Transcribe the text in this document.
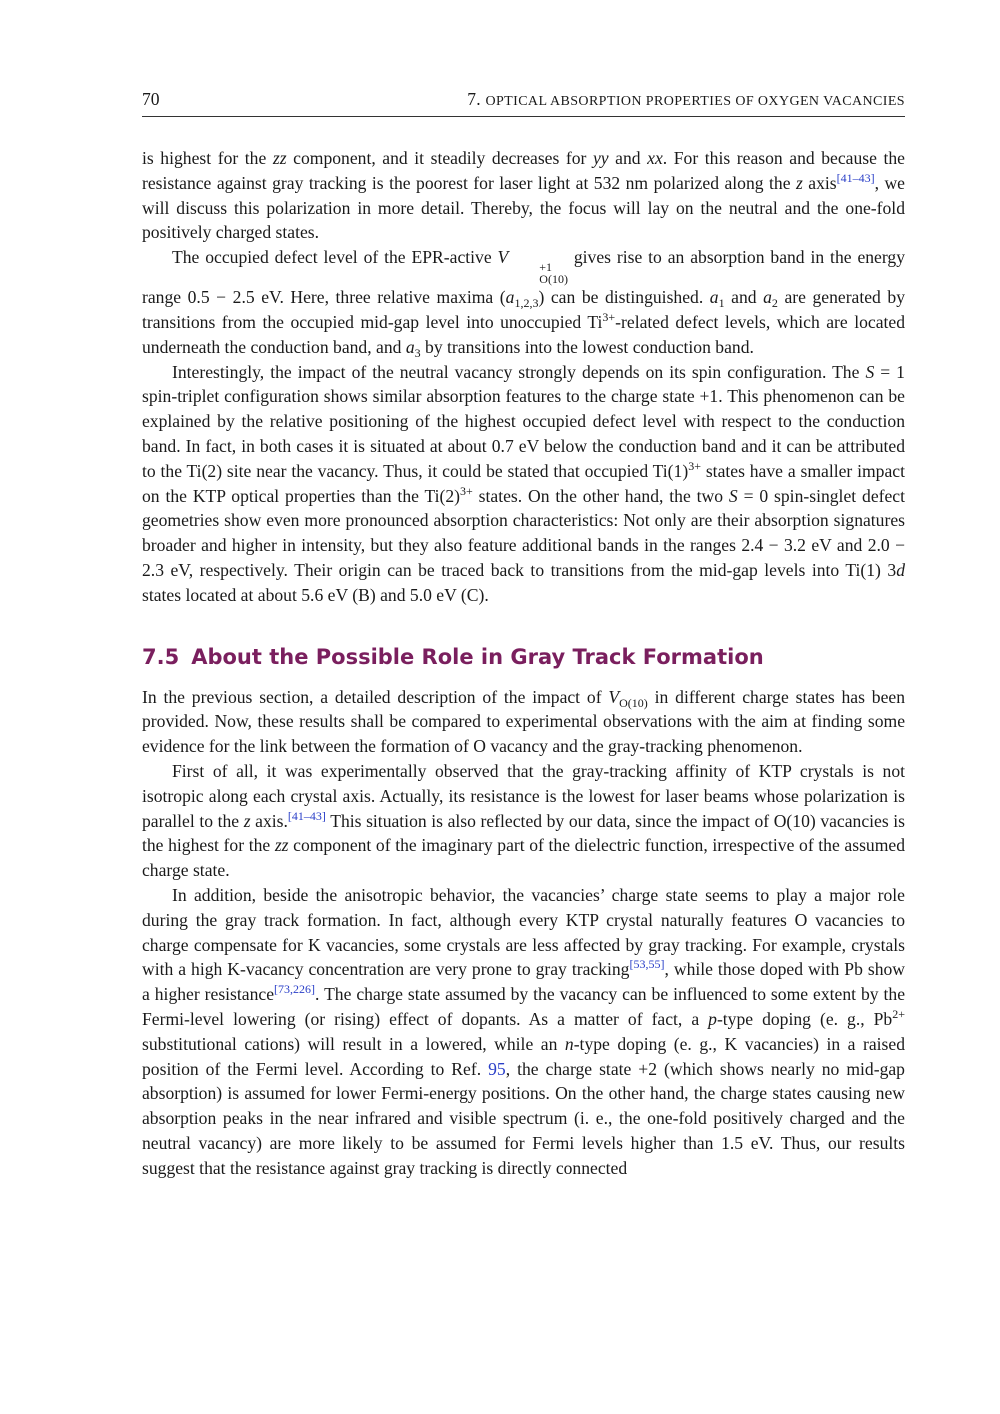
70	7. OPTICAL ABSORPTION PROPERTIES OF OXYGEN VACANCIES

is highest for the zz component, and it steadily decreases for yy and xx. For this reason and because the resistance against gray tracking is the poorest for laser light at 532 nm polarized along the z axis[41–43], we will discuss this polarization in more detail. Thereby, the focus will lay on the neutral and the one-fold positively charged states.

The occupied defect level of the EPR-active V	+1
O(10)
gives rise to an absorption band in the energy range 0.5 − 2.5 eV. Here, three relative maxima $(a_{1,2,3})$ can be distinguished. $a_1$ and $a_2$ are generated by transitions from the occupied mid-gap level into unoccupied $Ti^{3+}$-related defect levels, which are located underneath the conduction band, and $a_3$ by transitions into the lowest conduction band.

Interestingly, the impact of the neutral vacancy strongly depends on its spin configuration. The S = 1 spin-triplet configuration shows similar absorption features to the charge state +1. This phenomenon can be explained by the relative positioning of the highest occupied defect level with respect to the conduction band. In fact, in both cases it is situated at about 0.7 eV below the conduction band and it can be attributed to the Ti(2) site near the vacancy. Thus, it could be stated that occupied $Ti(1)^{3+}$ states have a smaller impact on the KTP optical properties than the $Ti(2)^{3+}$ states. On the other hand, the two S = 0 spin-singlet defect geometries show even more pronounced absorption characteristics: Not only are their absorption signatures broader and higher in intensity, but they also feature additional bands in the ranges 2.4 − 3.2 eV and 2.0 − 2.3 eV, respectively. Their origin can be traced back to transitions from the mid-gap levels into Ti(1) 3d states located at about 5.6 eV (B) and 5.0 eV (C).

7.5 About the Possible Role in Gray Track Formation

In the previous section, a detailed description of the impact of $V_{O(10)}$ in different charge states has been provided. Now, these results shall be compared to experimental observations with the aim at finding some evidence for the link between the formation of O vacancy and the gray-tracking phenomenon.

First of all, it was experimentally observed that the gray-tracking affinity of KTP crystals is not isotropic along each crystal axis. Actually, its resistance is the lowest for laser beams whose polarization is parallel to the z axis.[41–43] This situation is also reflected by our data, since the impact of O(10) vacancies is the highest for the zz component of the imaginary part of the dielectric function, irrespective of the assumed charge state.

In addition, beside the anisotropic behavior, the vacancies’ charge state seems to play a major role during the gray track formation. In fact, although every KTP crystal naturally features O vacancies to charge compensate for K vacancies, some crystals are less affected by gray tracking. For example, crystals with a high K-vacancy concentration are very prone to gray tracking[53,55], while those doped with Pb show a higher resistance[73,226]. The charge state assumed by the vacancy can be influenced to some extent by the Fermi-level lowering (or rising) effect of dopants. As a matter of fact, a p-type doping (e. g., $Pb^{2+}$ substitutional cations) will result in a lowered, while an n-type doping (e. g., K vacancies) in a raised position of the Fermi level. According to Ref. 95, the charge state +2 (which shows nearly no mid-gap absorption) is assumed for lower Fermi-energy positions. On the other hand, the charge states causing new absorption peaks in the near infrared and visible spectrum (i. e., the one-fold positively charged and the neutral vacancy) are more likely to be assumed for Fermi levels higher than 1.5 eV. Thus, our results suggest that the resistance against gray tracking is directly connected
